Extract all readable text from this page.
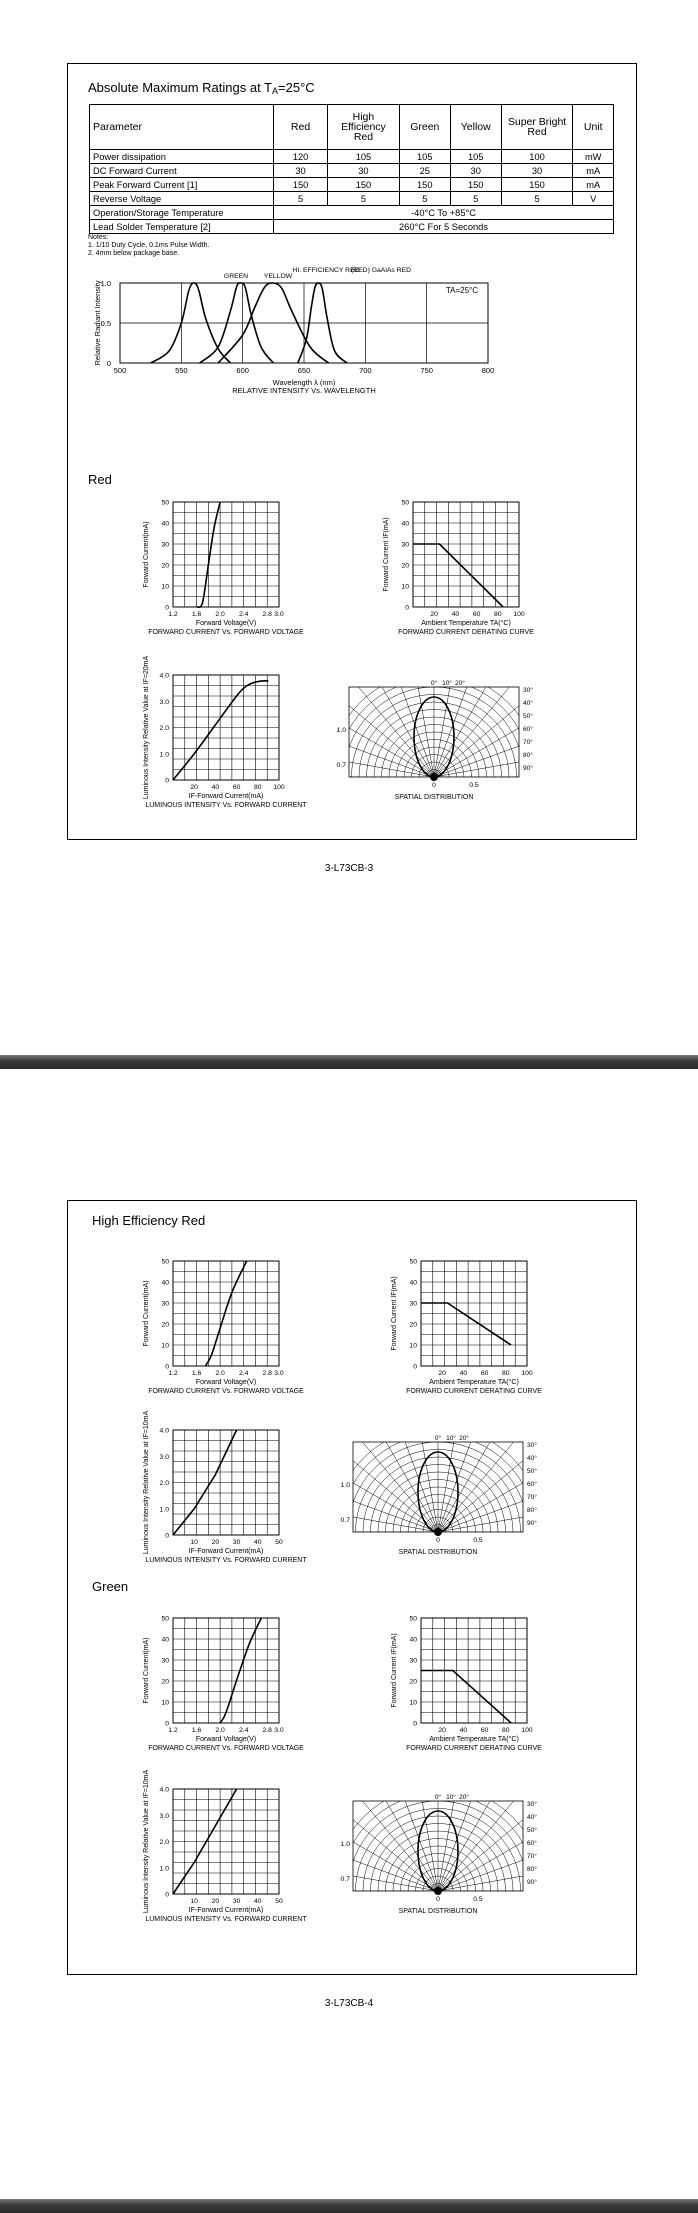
Absolute Maximum Ratings at TA=25°C
Parameter	Red	High Efficiency Red	Green	Yellow	Super Bright Red	Unit
Power dissipation	120	105	105	105	100	mW
DC Forward Current	30	30	25	30	30	mA
Peak Forward Current [1]	150	150	150	150	150	mA
Reverse Voltage	5	5	5	5	5	V
Operation/Storage Temperature	-40°C To +85°C					
Lead Solder Temperature [2]	260°C For 5 Seconds					
Notes:
1. 1/10 Duty Cycle, 0.1ms Pulse Width.
2. 4mm below package base.
500	550	600	650	700	750	800
0
0.5
1.0
GREEN YELLOW
HI. EFFICIENCY RED
(RED) GaAlAs RED
TA=25°C
Wavelength λ (nm)
RELATIVE INTENSITY Vs. WAVELENGTH
Relative Radiant Intensity
Red
0
10
20
30
40
50
1.2 1.6 2.0 2.4 2.8 3.0
Forward Voltage(V)
FORWARD CURRENT Vs. FORWARD VOLTAGE
Forward Current(mA)
0
10
20
30
40
50
20 40 60 80 100
Ambient Temperature TA(°C)
FORWARD CURRENT DERATING CURVE
Forward Current IF(mA)
0
1.0
2.0
3.0
4.0
20 40 60 80 100
IF-Forward Current(mA)
LUMINOUS INTENSITY Vs. FORWARD CURRENT
Luminous Intensity Relative Value at IF=20mA	0° 10° 20°
30°
40°
50°
60°
70°
80°
90°
1.0
0.7
0	0.5
SPATIAL DISTRIBUTION
3-L73CB-3
High Efficiency Red
0
10
20
30
40
50
1.2 1.6 2.0 2.4 2.8 3.0
Forward Voltage(V)
FORWARD CURRENT Vs. FORWARD VOLTAGE
Forward Current(mA)
0
10
20
30
40
50
20 40 60 80 100
Ambient Temperature TA(°C)
FORWARD CURRENT DERATING CURVE
Forward Current IF(mA)
0
1.0
2.0
3.0
4.0
10 20 30 40 50
IF-Forward Current(mA)
LUMINOUS INTENSITY Vs. FORWARD CURRENT
Luminous Intensity Relative Value at IF=10mA	0° 10° 20°
30°
40°
50°
60°
70°
80°
90°
1.0
0.7
0	0.5
SPATIAL DISTRIBUTION
Green
0
10
20
30
40
50
1.2 1.6 2.0 2.4 2.8 3.0
Forward Voltage(V)
FORWARD CURRENT Vs. FORWARD VOLTAGE
Forward Current(mA)
0
10
20
30
40
50
20 40 60 80 100
Ambient Temperature TA(°C)
FORWARD CURRENT DERATING CURVE
Forward Current IF(mA)
0
1.0
2.0
3.0
4.0
10 20 30 40 50
IF-Forward Current(mA)
LUMINOUS INTENSITY Vs. FORWARD CURRENT
Luminous Intensity Relative Value at IF=10mA	0° 10° 20°
30°
40°
50°
60°
70°
80°
90°
1.0
0.7
0	0.5
SPATIAL DISTRIBUTION
3-L73CB-4
